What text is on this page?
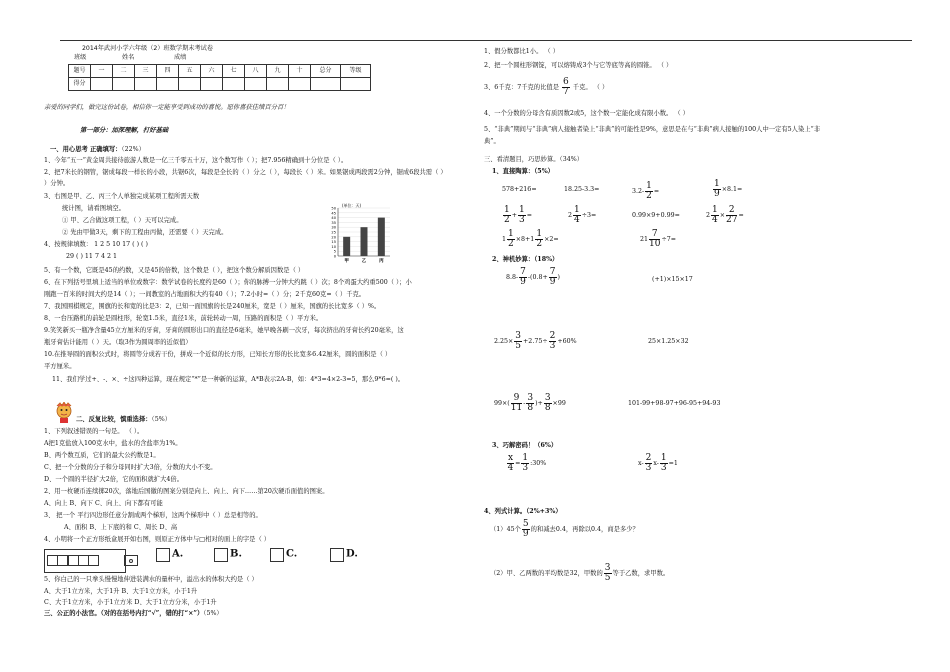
2014年武河小学六年级（2）班数学期末考试卷
班级	姓名	成绩
题号	一	二	三	四	五	六	七	八	九	十	总分	等级
得分												
亲爱的同学们，做完这份试卷，相信你一定能享受到成功的喜悦。愿你喜获佳绩百分百！
第一部分：加深理解，打好基础
一、用心思考 正确填写：（22%）
1、今年“五一”黄金周共接待旅游人数是一亿三千零五十万，这个数写作（ ）；把7.956精确到十分位是（ ）。
2、把7米长的钢管，锯成每段一样长的小段，共锯6次，每段是全长的（ ）分之（ ），每段长（ ）米。如果锯成两段需2分钟，锯成6段共需（ ）
）分钟。
3、右图是甲、乙、丙三个人单独完成某项工程所需天数
统计图，请看图填空。
① 甲、乙合做这项工程，（ ）天可以完成。
② 先由甲做3天，剩下的工程由丙做，还需要（ ）天完成。
4、按规律填数： 1 2 5 10 17 ( ) ( )
29 ( ) 11 7 4 2 1	0
5
10
15
20
25
30
35
40
45
50
甲	乙	丙
(单位：天)
5、有一个数，它既是45的约数，又是45的倍数，这个数是（ ），把这个数分解质因数是（ ）
6、在下列括号里填上适当的单位或数字：数学试卷的长度约是60（ ）；你的脉搏一分钟大约跳（ ）次；8个鸡蛋大约重500（ ）；小
刚跑一百米的时间大约是14（ ）；一间教室的占地面积大约有40（ ）；7.2小时=（ ）分；2千克60克=（ ）千克。
7、我国围棋规定，围旗的长和宽的比是3：2，已知一面国旗的长是240厘米，宽是（ ）厘米，国旗的长比宽多（ ）%。
8、一台压路机的前轮是圆柱形，轮宽1.5米，直径1米，前轮转动一周，压路的面积是（ ）平方米。
9.笑笑新买一瓶净含量45立方厘米的牙膏，牙膏的圆形出口的直径是6毫米，她早晚各刷一次牙，每次挤出的牙膏长约20毫米，这
瓶牙膏估计能用（ ）天。（取3作为圆周率的近似值）
10.在推导圆的面积公式时，将圆等分成若干份，拼成一个近似的长方形，已知长方形的长比宽多6.42厘米，圆的面积是（ ）
平方厘米。
11、我们学过+、-、×、÷这四种运算，现在规定“*”是一种新的运算，A*B表示2A-B，如：4*3=4×2-3=5，那么9*6=( )。
二、反复比较，慎重选择：（5%）
1、下列叙述错误的一句是。 （ ）。
A把1克盐放入100克水中，盐水的含盐率为1%。
B、两个数互质，它们的最大公约数是1。
C、把一个分数的分子和分母同时扩大3倍，分数的大小不变。
D、一个圆的半径扩大2倍，它的面积就扩大4倍。
2、用一枚硬币连续掷20次，落地后国徽的图案分别是向上、向上、向下……第20次硬币面值的图案。
A、向上 B、向下 C、向上、向下都有可能
3、 把一个 平行四边形任意分割成两个梯形，这两个梯形中（ ）总是相等的。
A、面积 B、上下底的和 C、周长 D、高
4、小明将一个正方形纸盒展开如右图，则原正方体中与□相对的面上的字是（ ）
A.	B.	C.	D.
5、你白己的一只拳头慢慢地伸进装满水的量杯中，溢出水的体积大约是（ ）
A、大于1立方米，大于1升 B、大于1立方米，小于1升
C、大于1立方米，小于1立方米 D、大于1立方分米，小于1升
三、公正的小法官。（对的在括号内打“√”，错的打“×”）（5%）
1、假分数都比1小。 （ ）
2、把一个圆柱形钢锭，可以熔铸成3个与它等底等高的圆锥。 （ ）
3、6千克：7千克的比值是 $\frac{6}{7}$ 千克。 （ ）
4、一个分数的分母含有质因数2或5，这个数一定能化成有限小数。 （ ）
5、“非典”期间与“非典”病人接触者染上“非典”的可能性是9%，意思是在与“非典”病人接触的100人中一定有5人染上“非
典”。
三、看清题目，巧思妙算。（34%）
1、直接陶算：（5%）
578+216=	18.25-3.3=	$3.2- \frac{1}{2}$ =	$\frac{1}{9} \times 8.1=$
$\frac{1}{2} + \frac{1}{3}$ =	$2 \frac{1}{4} \div 3=$	0.99×9+0.99=	$2 \frac{1}{4} \times \frac{2}{27}$ =
$1 \frac{1}{2} \times 8+1 \frac{1}{2} \times 2=$	$21 \frac{7}{10} \div 7=$
2、神机妙算：（18%）
$8.8- \frac{7}{9} -(0.8+ \frac{7}{9}$ )	(+1)×15×17
$2.25\times \frac{3}{5} +2.75\div \frac{2}{3} +60\%$	25×1.25×32
$99\times( \frac{9}{11} - \frac{3}{8}$ )+ $\frac{3}{8} \times 99$	101-99+98-97+96-95+94-93
3、巧解密码！（6%）
$\frac{x}{4} = \frac{1}{3}$ :30%	$x- \frac{2}{3} x- \frac{1}{3} =1$
4、列式计算。（2%+3%）
（1）45个 $\frac{5}{9}$ 的和减去0.4，再除以0.4，商是多少？
（2）甲、乙两数的平均数是32，甲数的 $\frac{3}{5}$ 等于乙数，求甲数。
